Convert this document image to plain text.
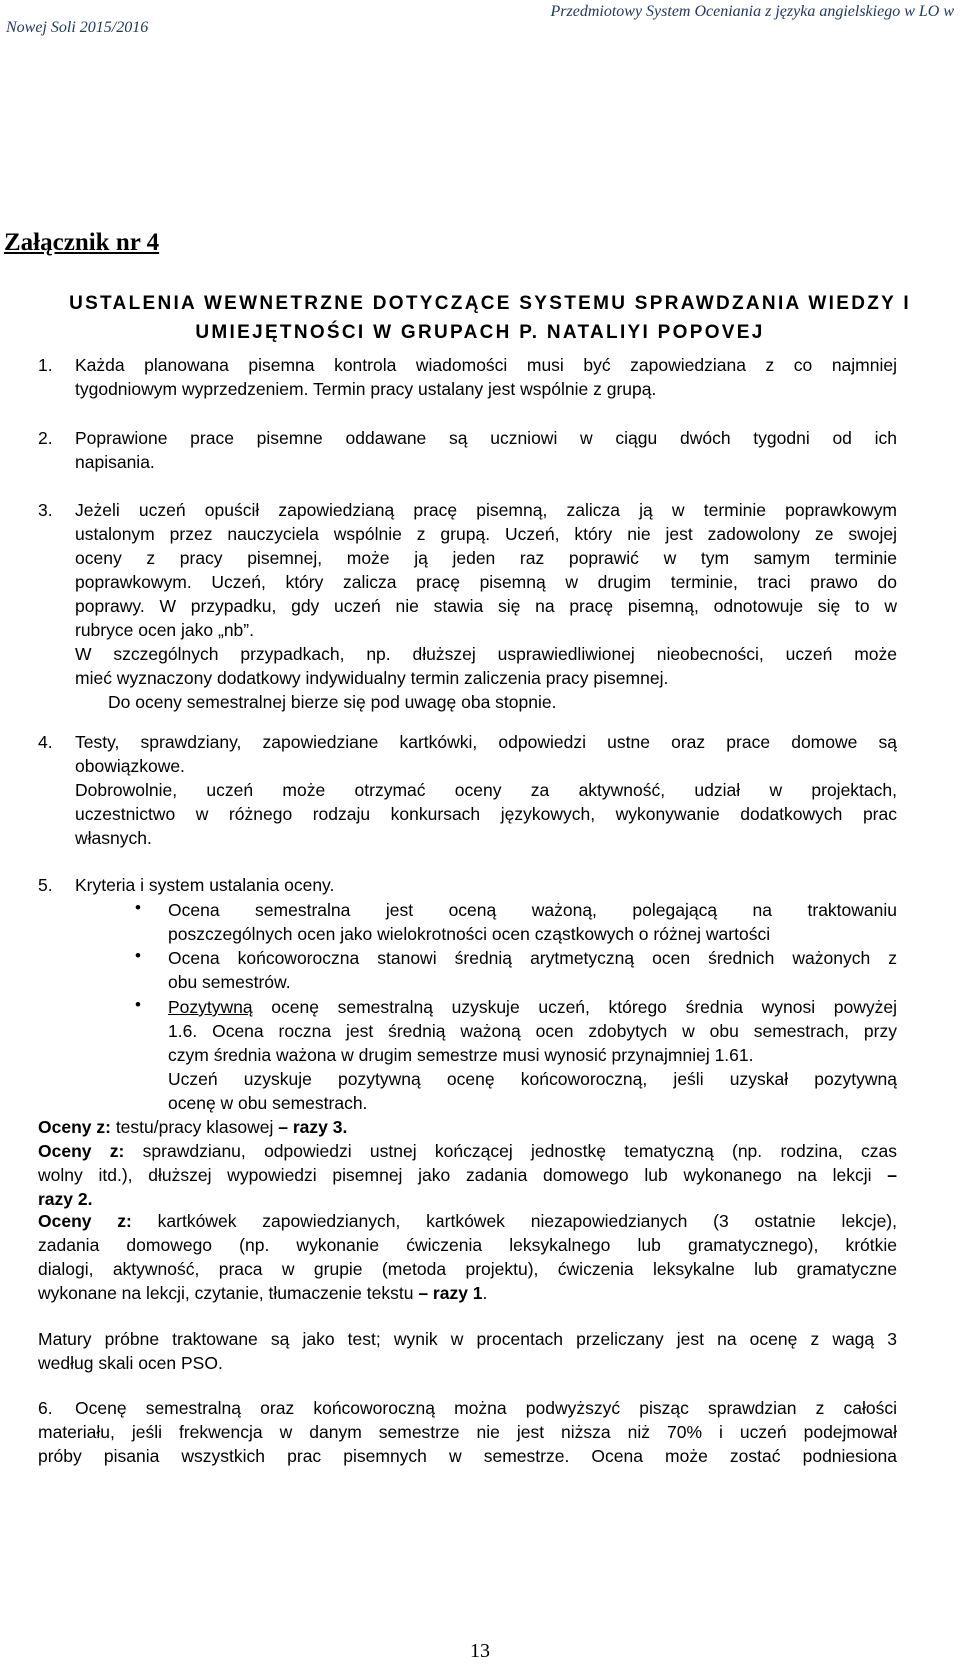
Nowej Soli 2015/2016
Przedmiotowy System Oceniania z języka angielskiego w LO w
Załącznik nr 4
USTALENIA WEWNETRZNE DOTYCZĄCE SYSTEMU SPRAWDZANIA WIEDZY I
UMIEJĘTNOŚCI W GRUPACH P. NATALIYI POPOVEJ
1. Każda planowana pisemna kontrola wiadomości musi być zapowiedziana z co najmniej
tygodniowym wyprzedzeniem. Termin pracy ustalany jest wspólnie z grupą.
2. Poprawione prace pisemne oddawane są uczniowi w ciągu dwóch tygodni od ich
napisania.
3. Jeżeli uczeń opuścił zapowiedzianą pracę pisemną, zalicza ją w terminie poprawkowym
ustalonym przez nauczyciela wspólnie z grupą. Uczeń, który nie jest zadowolony ze swojej
oceny z pracy pisemnej, może ją jeden raz poprawić w tym samym terminie
poprawkowym. Uczeń, który zalicza pracę pisemną w drugim terminie, traci prawo do
poprawy. W przypadku, gdy uczeń nie stawia się na pracę pisemną, odnotowuje się to w
rubryce ocen jako „nb”.
W szczególnych przypadkach, np. dłuższej usprawiedliwionej nieobecności, uczeń może
mieć wyznaczony dodatkowy indywidualny termin zaliczenia pracy pisemnej.
Do oceny semestralnej bierze się pod uwagę oba stopnie.
4. Testy, sprawdziany, zapowiedziane kartkówki, odpowiedzi ustne oraz prace domowe są
obowiązkowe.
Dobrowolnie, uczeń może otrzymać oceny za aktywność, udział w projektach,
uczestnictwo w różnego rodzaju konkursach językowych, wykonywanie dodatkowych prac
własnych.
5. Kryteria i system ustalania oceny.
• Ocena semestralna jest oceną ważoną, polegającą na traktowaniu
poszczególnych ocen jako wielokrotności ocen cząstkowych o różnej wartości
• Ocena końcoworoczna stanowi średnią arytmetyczną ocen średnich ważonych z
obu semestrów.
• Pozytywną ocenę semestralną uzyskuje uczeń, którego średnia wynosi powyżej
1.6. Ocena roczna jest średnią ważoną ocen zdobytych w obu semestrach, przy
czym średnia ważona w drugim semestrze musi wynosić przynajmniej 1.61.
Uczeń uzyskuje pozytywną ocenę końcoworoczną, jeśli uzyskał pozytywną
ocenę w obu semestrach.
Oceny z: testu/pracy klasowej – razy 3.
Oceny z: sprawdzianu, odpowiedzi ustnej kończącej jednostkę tematyczną (np. rodzina, czas
wolny itd.), dłuższej wypowiedzi pisemnej jako zadania domowego lub wykonanego na lekcji –
razy 2.
Oceny z: kartkówek zapowiedzianych, kartkówek niezapowiedzianych (3 ostatnie lekcje),
zadania domowego (np. wykonanie ćwiczenia leksykalnego lub gramatycznego), krótkie
dialogi, aktywność, praca w grupie (metoda projektu), ćwiczenia leksykalne lub gramatyczne
wykonane na lekcji, czytanie, tłumaczenie tekstu – razy 1.
Matury próbne traktowane są jako test; wynik w procentach przeliczany jest na ocenę z wagą 3
według skali ocen PSO.
6. Ocenę semestralną oraz końcoworoczną można podwyższyć pisząc sprawdzian z całości
materiału, jeśli frekwencja w danym semestrze nie jest niższa niż 70% i uczeń podejmował
próby pisania wszystkich prac pisemnych w semestrze. Ocena może zostać podniesiona
13
